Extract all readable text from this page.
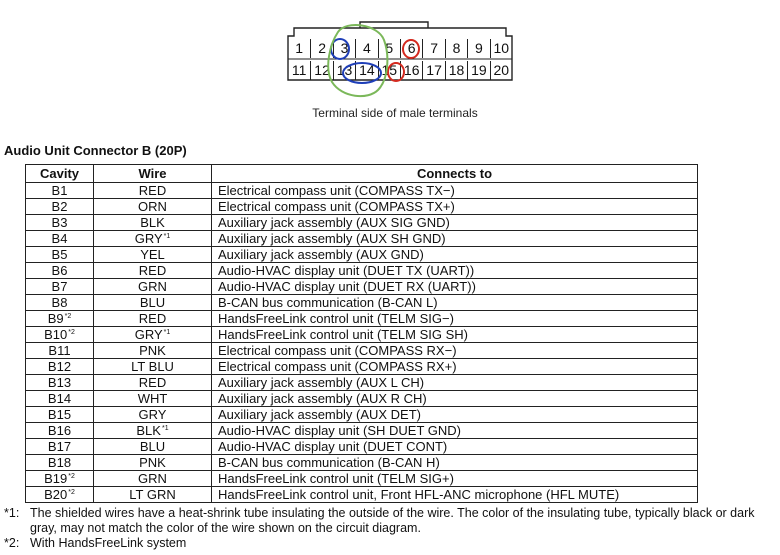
1	2	3	4	5	6	7	8	9 10
11 12 13 14 15 16 17 18 19 20
Terminal side of male terminals
Audio Unit Connector B (20P)
Cavity	Wire	Connects to
B1	RED	Electrical compass unit (COMPASS TX−)
B2	ORN	Electrical compass unit (COMPASS TX+)
B3	BLK	Auxiliary jack assembly (AUX SIG GND)
B4	GRY$^{*1}$	Auxiliary jack assembly (AUX SH GND)
B5	YEL	Auxiliary jack assembly (AUX GND)
B6	RED	Audio-HVAC display unit (DUET TX (UART))
B7	GRN	Audio-HVAC display unit (DUET RX (UART))
B8	BLU	B-CAN bus communication (B-CAN L)
B9$^{*2}$	RED	HandsFreeLink control unit (TELM SIG−)
B10$^{*2}$	GRY$^{*1}$	HandsFreeLink control unit (TELM SIG SH)
B11	PNK	Electrical compass unit (COMPASS RX−)
B12	LT BLU	Electrical compass unit (COMPASS RX+)
B13	RED	Auxiliary jack assembly (AUX L CH)
B14	WHT	Auxiliary jack assembly (AUX R CH)
B15	GRY	Auxiliary jack assembly (AUX DET)
B16	BLK$^{*1}$	Audio-HVAC display unit (SH DUET GND)
B17	BLU	Audio-HVAC display unit (DUET CONT)
B18	PNK	B-CAN bus communication (B-CAN H)
B19$^{*2}$	GRN	HandsFreeLink control unit (TELM SIG+)
B20$^{*2}$	LT GRN	HandsFreeLink control unit, Front HFL-ANC microphone (HFL MUTE)
*1: The shielded wires have a heat-shrink tube insulating the outside of the wire. The color of the insulating tube, typically black or dark gray, may not match the color of the wire shown on the circuit diagram.
*2: With HandsFreeLink system
